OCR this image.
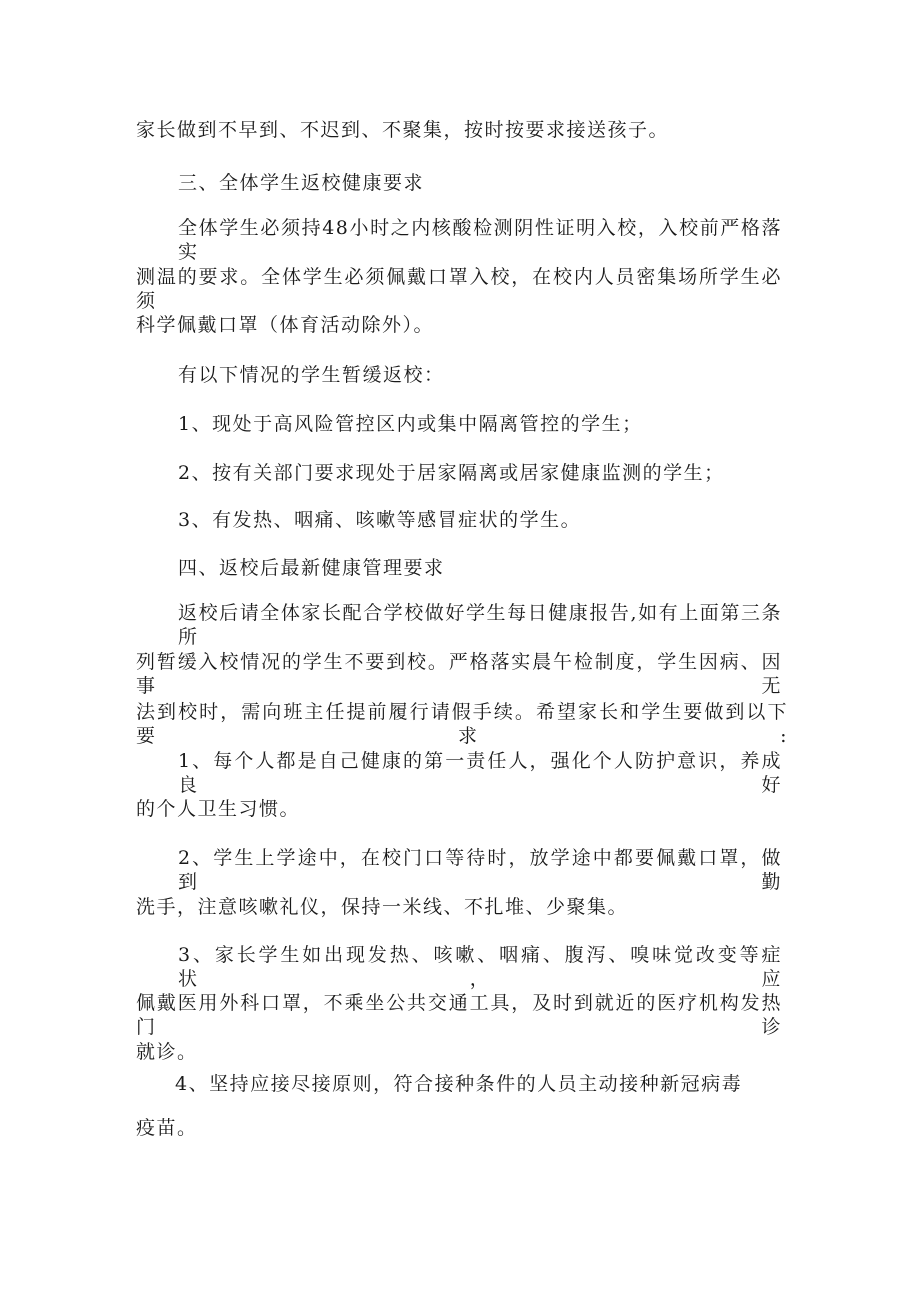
家长做到不早到、不迟到、不聚集，按时按要求接送孩子。
三、全体学生返校健康要求
全体学生必须持48小时之内核酸检测阴性证明入校，入校前严格落实
测温的要求。全体学生必须佩戴口罩入校，在校内人员密集场所学生必须
科学佩戴口罩（体育活动除外）。
有以下情况的学生暂缓返校：
1、现处于高风险管控区内或集中隔离管控的学生；
2、按有关部门要求现处于居家隔离或居家健康监测的学生；
3、有发热、咽痛、咳嗽等感冒症状的学生。
四、返校后最新健康管理要求
返校后请全体家长配合学校做好学生每日健康报告,如有上面第三条所
列暂缓入校情况的学生不要到校。严格落实晨午检制度，学生因病、因事无
法到校时，需向班主任提前履行请假手续。希望家长和学生要做到以下要求:
1、每个人都是自己健康的第一责任人，强化个人防护意识，养成良好
的个人卫生习惯。
2、学生上学途中，在校门口等待时，放学途中都要佩戴口罩，做到勤
洗手，注意咳嗽礼仪，保持一米线、不扎堆、少聚集。
3、家长学生如出现发热、咳嗽、咽痛、腹泻、嗅味觉改变等症状，应
佩戴医用外科口罩，不乘坐公共交通工具，及时到就近的医疗机构发热门诊
就诊。
4、坚持应接尽接原则，符合接种条件的人员主动接种新冠病毒
疫苗。
